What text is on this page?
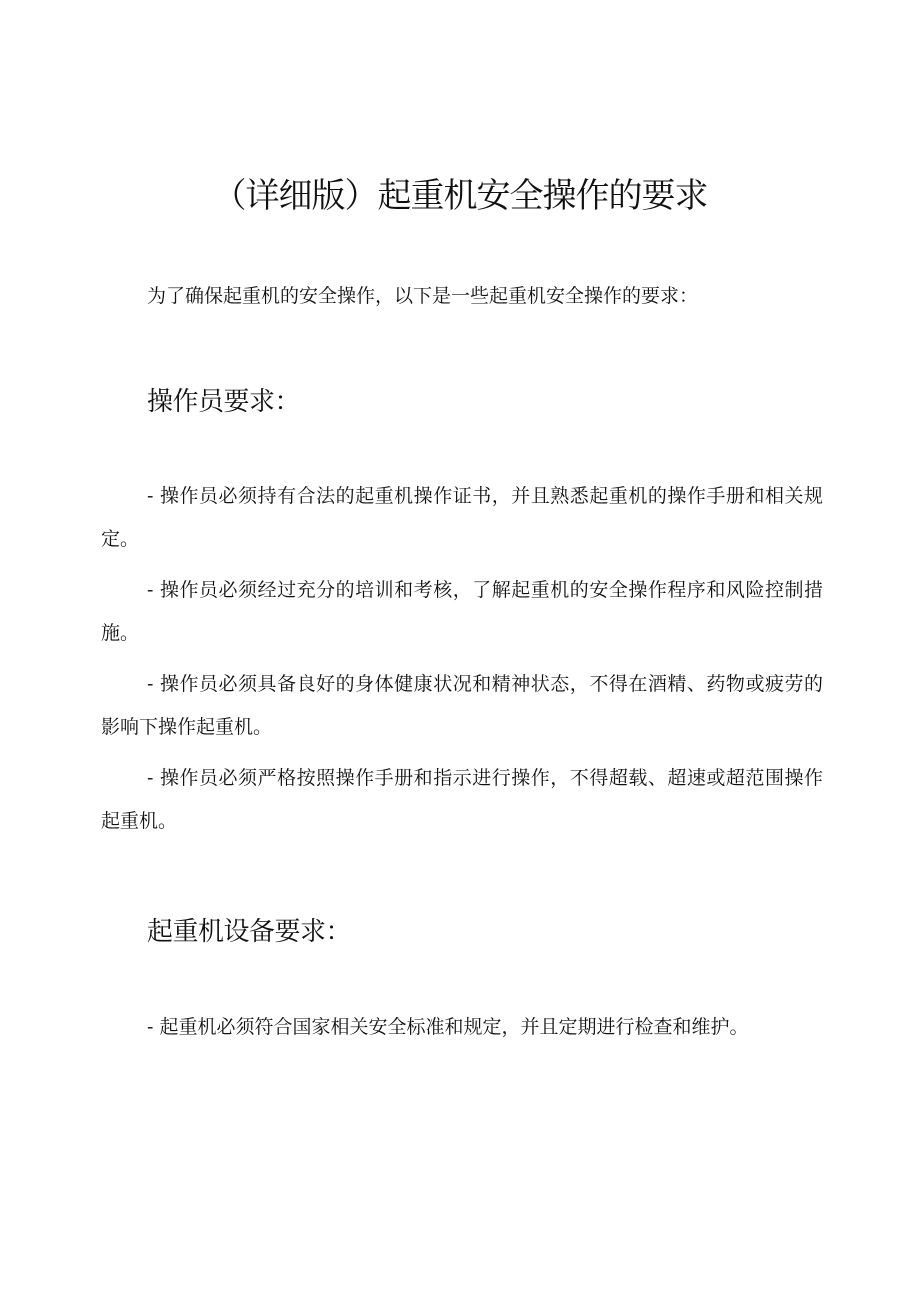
（详细版）起重机安全操作的要求

为了确保起重机的安全操作，以下是一些起重机安全操作的要求：

操作员要求：

- 操作员必须持有合法的起重机操作证书，并且熟悉起重机的操作手册和相关规定。

- 操作员必须经过充分的培训和考核，了解起重机的安全操作程序和风险控制措施。

- 操作员必须具备良好的身体健康状况和精神状态，不得在酒精、药物或疲劳的影响下操作起重机。

- 操作员必须严格按照操作手册和指示进行操作，不得超载、超速或超范围操作起重机。

起重机设备要求：

- 起重机必须符合国家相关安全标准和规定，并且定期进行检查和维护。
